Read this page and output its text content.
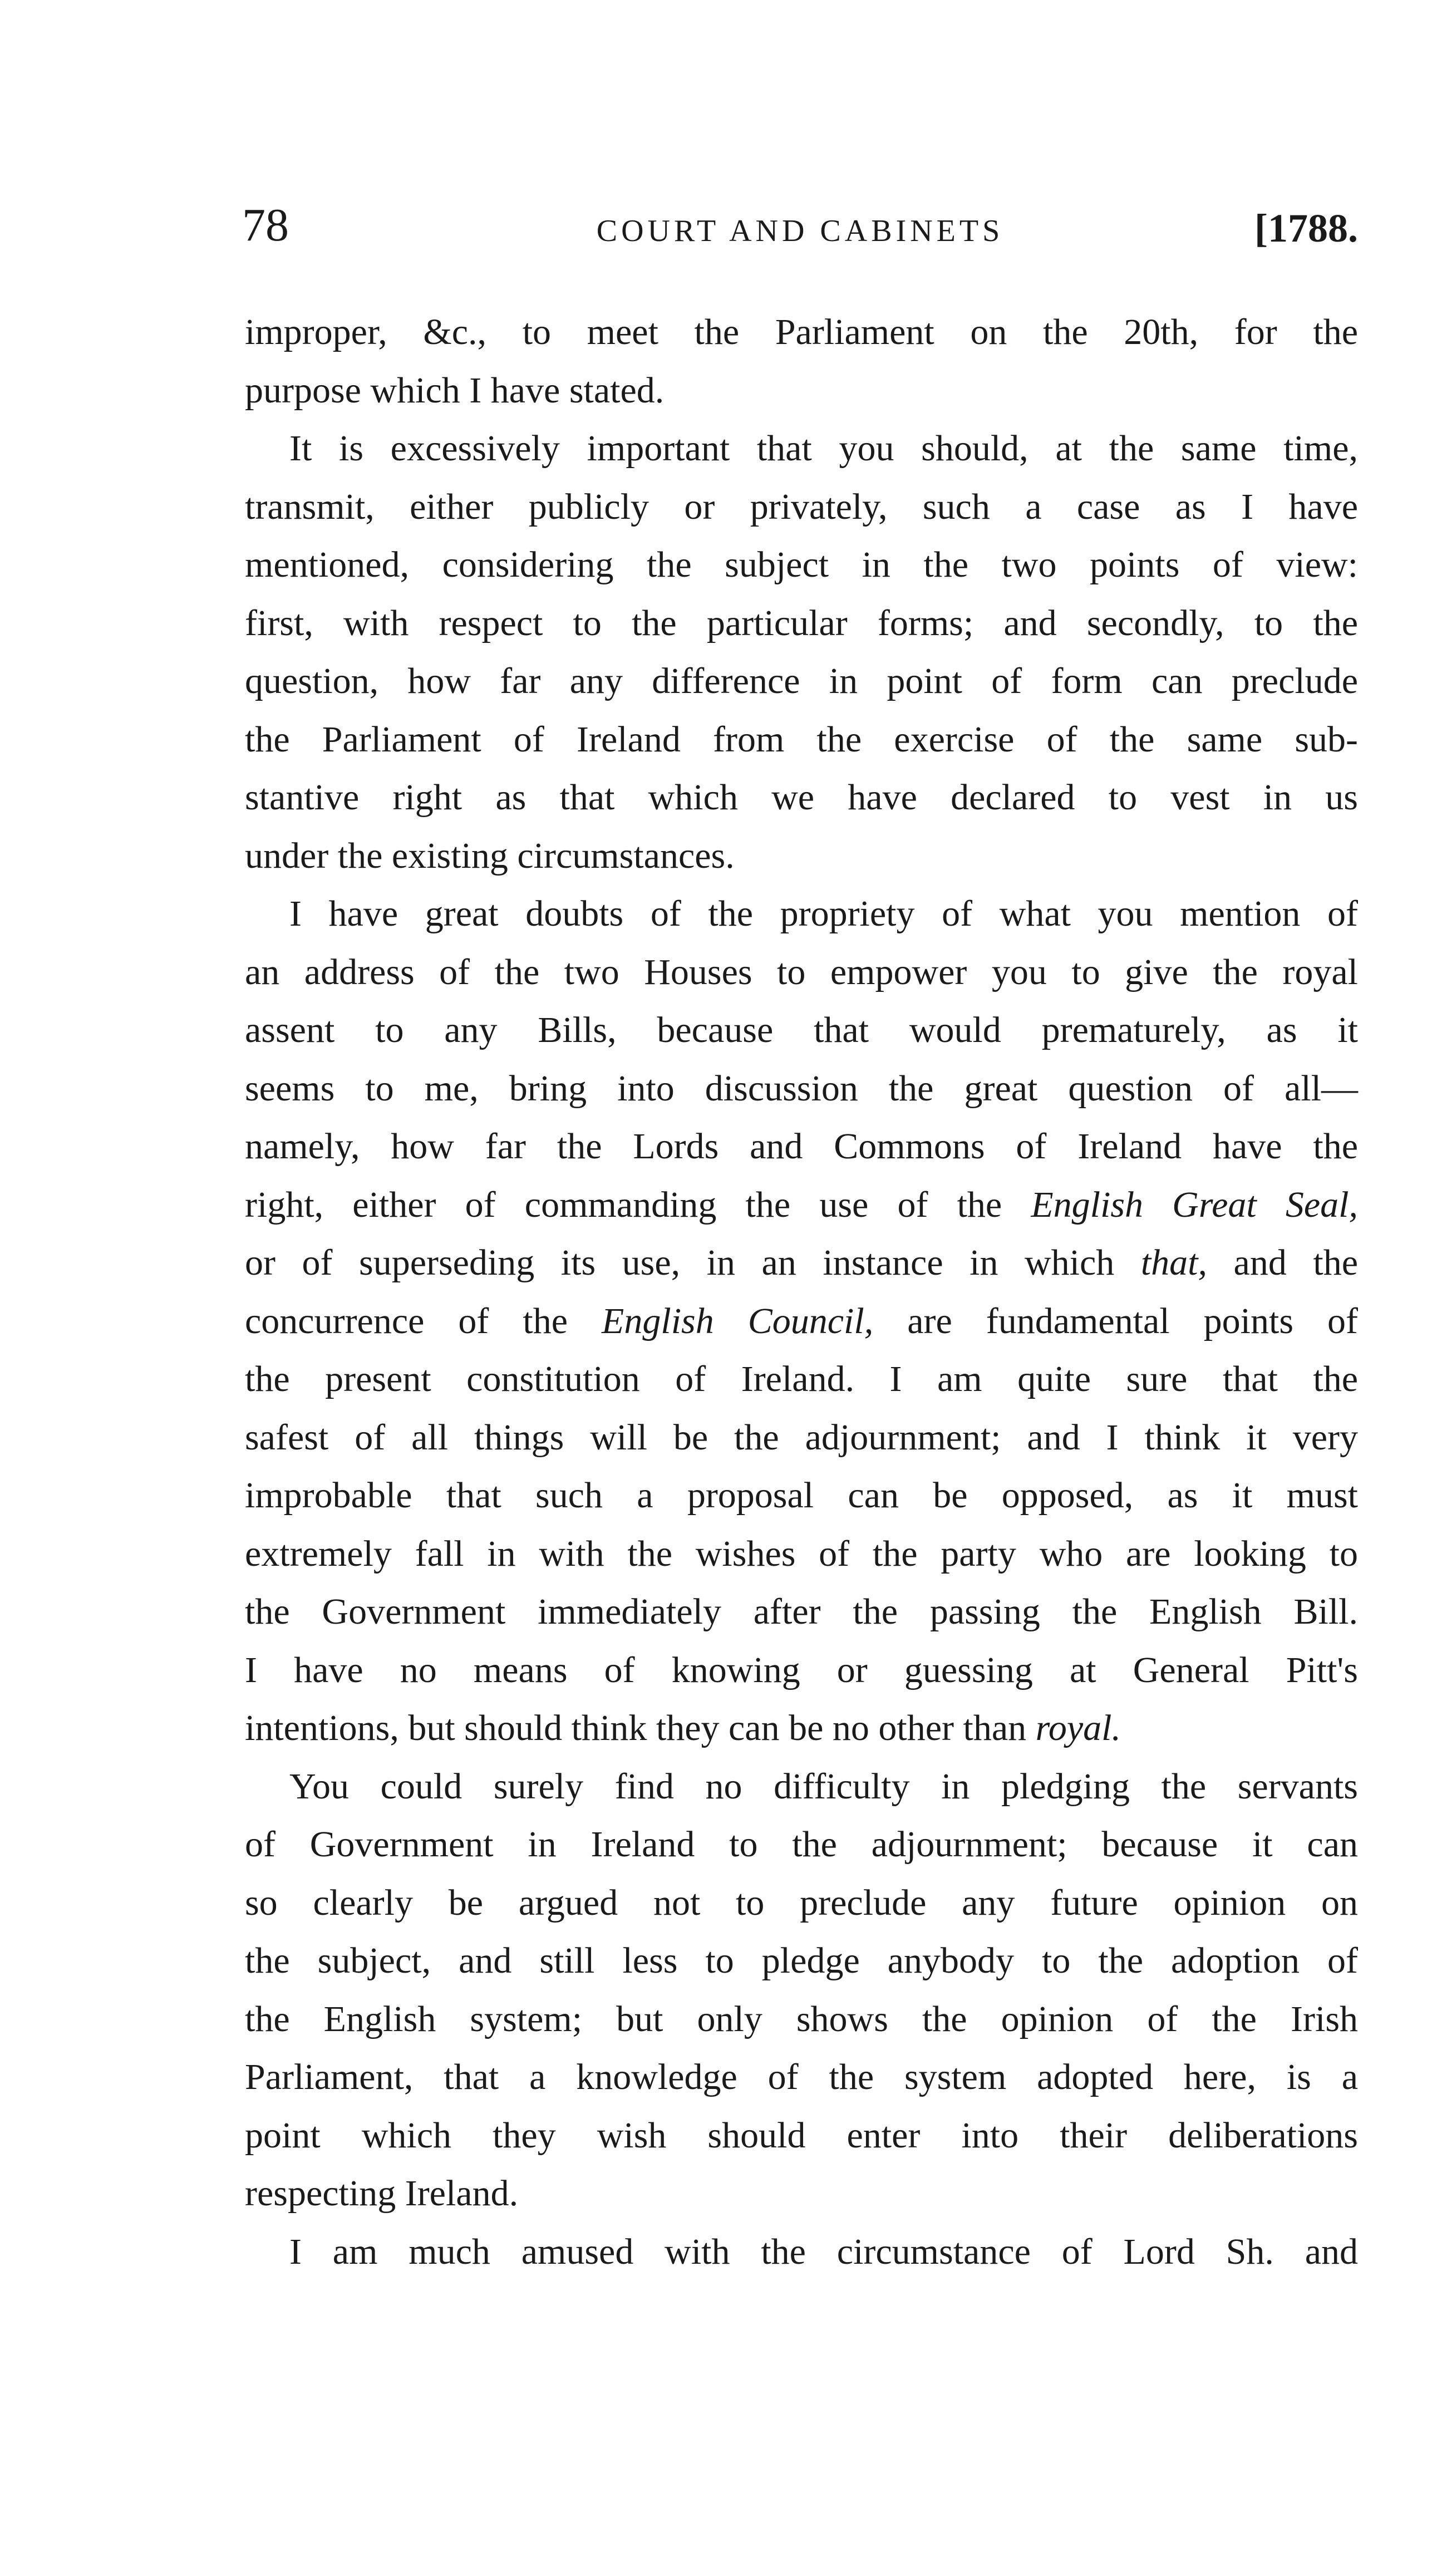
78	COURT AND CABINETS	[1788.
improper, &c., to meet the Parliament on the 20th, for the
purpose which I have stated.
It is excessively important that you should, at the same time,
transmit, either publicly or privately, such a case as I have
mentioned, considering the subject in the two points of view:
first, with respect to the particular forms; and secondly, to the
question, how far any difference in point of form can preclude
the Parliament of Ireland from the exercise of the same sub-
stantive right as that which we have declared to vest in us
under the existing circumstances.
I have great doubts of the propriety of what you mention of
an address of the two Houses to empower you to give the royal
assent to any Bills, because that would prematurely, as it
seems to me, bring into discussion the great question of all—
namely, how far the Lords and Commons of Ireland have the
right, either of commanding the use of the English Great Seal,
or of superseding its use, in an instance in which that, and the
concurrence of the English Council, are fundamental points of
the present constitution of Ireland. I am quite sure that the
safest of all things will be the adjournment; and I think it very
improbable that such a proposal can be opposed, as it must
extremely fall in with the wishes of the party who are looking to
the Government immediately after the passing the English Bill.
I have no means of knowing or guessing at General Pitt's
intentions, but should think they can be no other than royal.
You could surely find no difficulty in pledging the servants
of Government in Ireland to the adjournment; because it can
so clearly be argued not to preclude any future opinion on
the subject, and still less to pledge anybody to the adoption of
the English system; but only shows the opinion of the Irish
Parliament, that a knowledge of the system adopted here, is a
point which they wish should enter into their deliberations
respecting Ireland.
I am much amused with the circumstance of Lord Sh. and
